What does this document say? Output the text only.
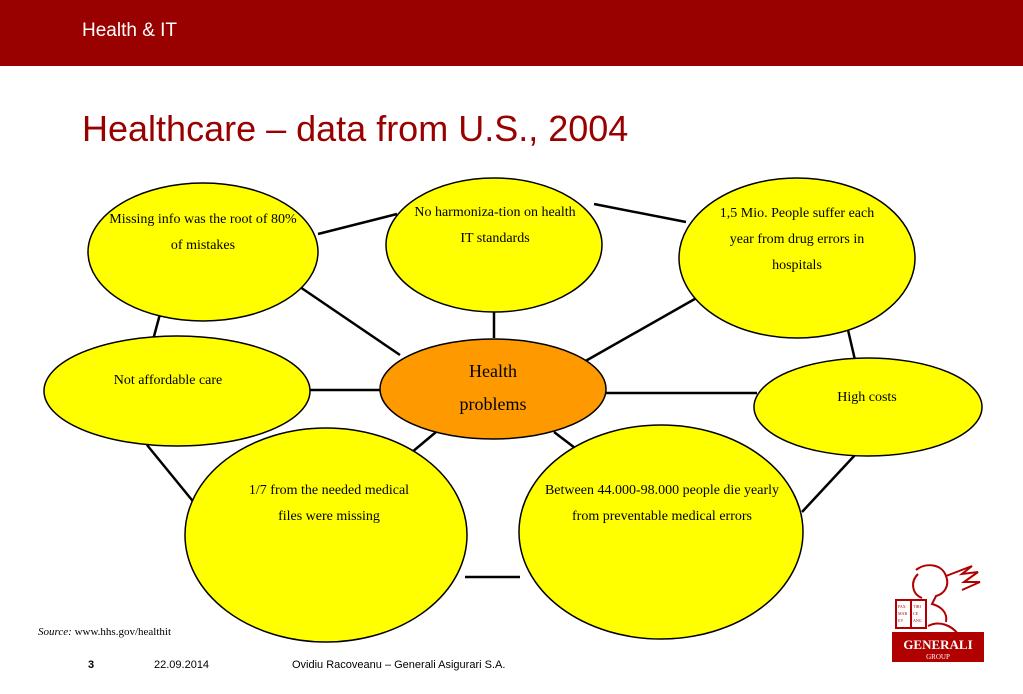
Health & IT
Healthcare – data from U.S., 2004
Missing info was the root of 80% of mistakes
No harmoniza-tion on health IT standards
1,5 Mio. People suffer each year from drug errors in hospitals
Not affordable care
High costs
1/7 from the needed medical files were missing
Between 44.000-98.000 people die yearly from preventable medical errors
Health problems
Source: www.hhs.gov/healthit
3	22.09.2014	Ovidiu Racoveanu – Generali Asigurari S.A.
PAX TIBI
MAR CE
EV ANG
GENERALI
GROUP
